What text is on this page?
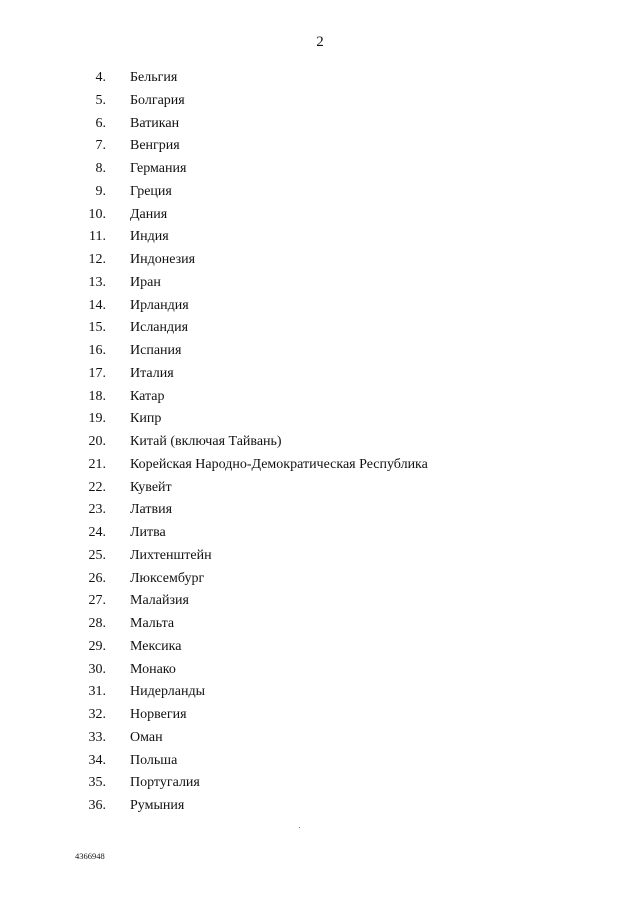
2
4. Бельгия
5. Болгария
6. Ватикан
7. Венгрия
8. Германия
9. Греция
10. Дания
11. Индия
12. Индонезия
13. Иран
14. Ирландия
15. Исландия
16. Испания
17. Италия
18. Катар
19. Кипр
20. Китай (включая Тайвань)
21. Корейская Народно-Демократическая Республика
22. Кувейт
23. Латвия
24. Литва
25. Лихтенштейн
26. Люксембург
27. Малайзия
28. Мальта
29. Мексика
30. Монако
31. Нидерланды
32. Норвегия
33. Оман
34. Польша
35. Португалия
36. Румыния
4366948
